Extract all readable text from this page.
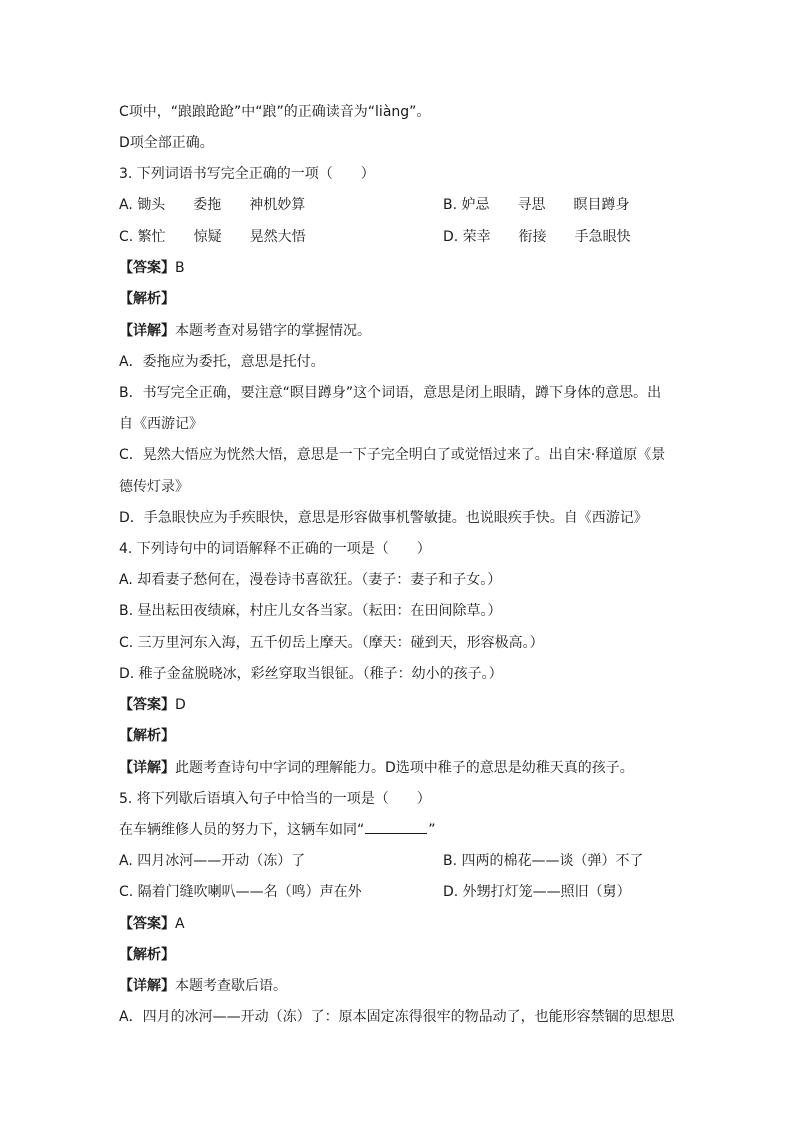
C项中，“踉踉跄跄”中“踉”的正确读音为“liàng”。
D项全部正确。
3. 下列词语书写完全正确的一项（　　）
A. 锄头　　委拖　　神机妙算	B. 妒忌　　寻思　　瞑目蹲身
C. 繁忙　　惊疑　　晃然大悟	D. 荣幸　　衔接　　手急眼快
【答案】B
【解析】
【详解】本题考查对易错字的掌握情况。
A．委拖应为委托，意思是托付。
B．书写完全正确，要注意“瞑目蹲身”这个词语，意思是闭上眼睛，蹲下身体的意思。出
自《西游记》
C．晃然大悟应为恍然大悟，意思是一下子完全明白了或觉悟过来了。出自宋·释道原《景
德传灯录》
D．手急眼快应为手疾眼快，意思是形容做事机警敏捷。也说眼疾手快。自《西游记》
4. 下列诗句中的词语解释不正确的一项是（　　）
A. 却看妻子愁何在，漫卷诗书喜欲狂。（妻子：妻子和子女。）
B. 昼出耘田夜绩麻，村庄儿女各当家。（耘田：在田间除草。）
C. 三万里河东入海，五千仞岳上摩天。（摩天：碰到天，形容极高。）
D. 稚子金盆脱晓冰，彩丝穿取当银钲。（稚子：幼小的孩子。）
【答案】D
【解析】
【详解】此题考查诗句中字词的理解能力。D选项中稚子的意思是幼稚天真的孩子。
5. 将下列歇后语填入句子中恰当的一项是（　　）
在车辆维修人员的努力下，这辆车如同“	”
A. 四月冰河——开动（冻）了	B. 四两的棉花——谈（弹）不了
C. 隔着门缝吹喇叭——名（鸣）声在外	D. 外甥打灯笼——照旧（舅）
【答案】A
【解析】
【详解】本题考查歇后语。
A．四月的冰河——开动（冻）了：原本固定冻得很牢的物品动了，也能形容禁锢的思想思
